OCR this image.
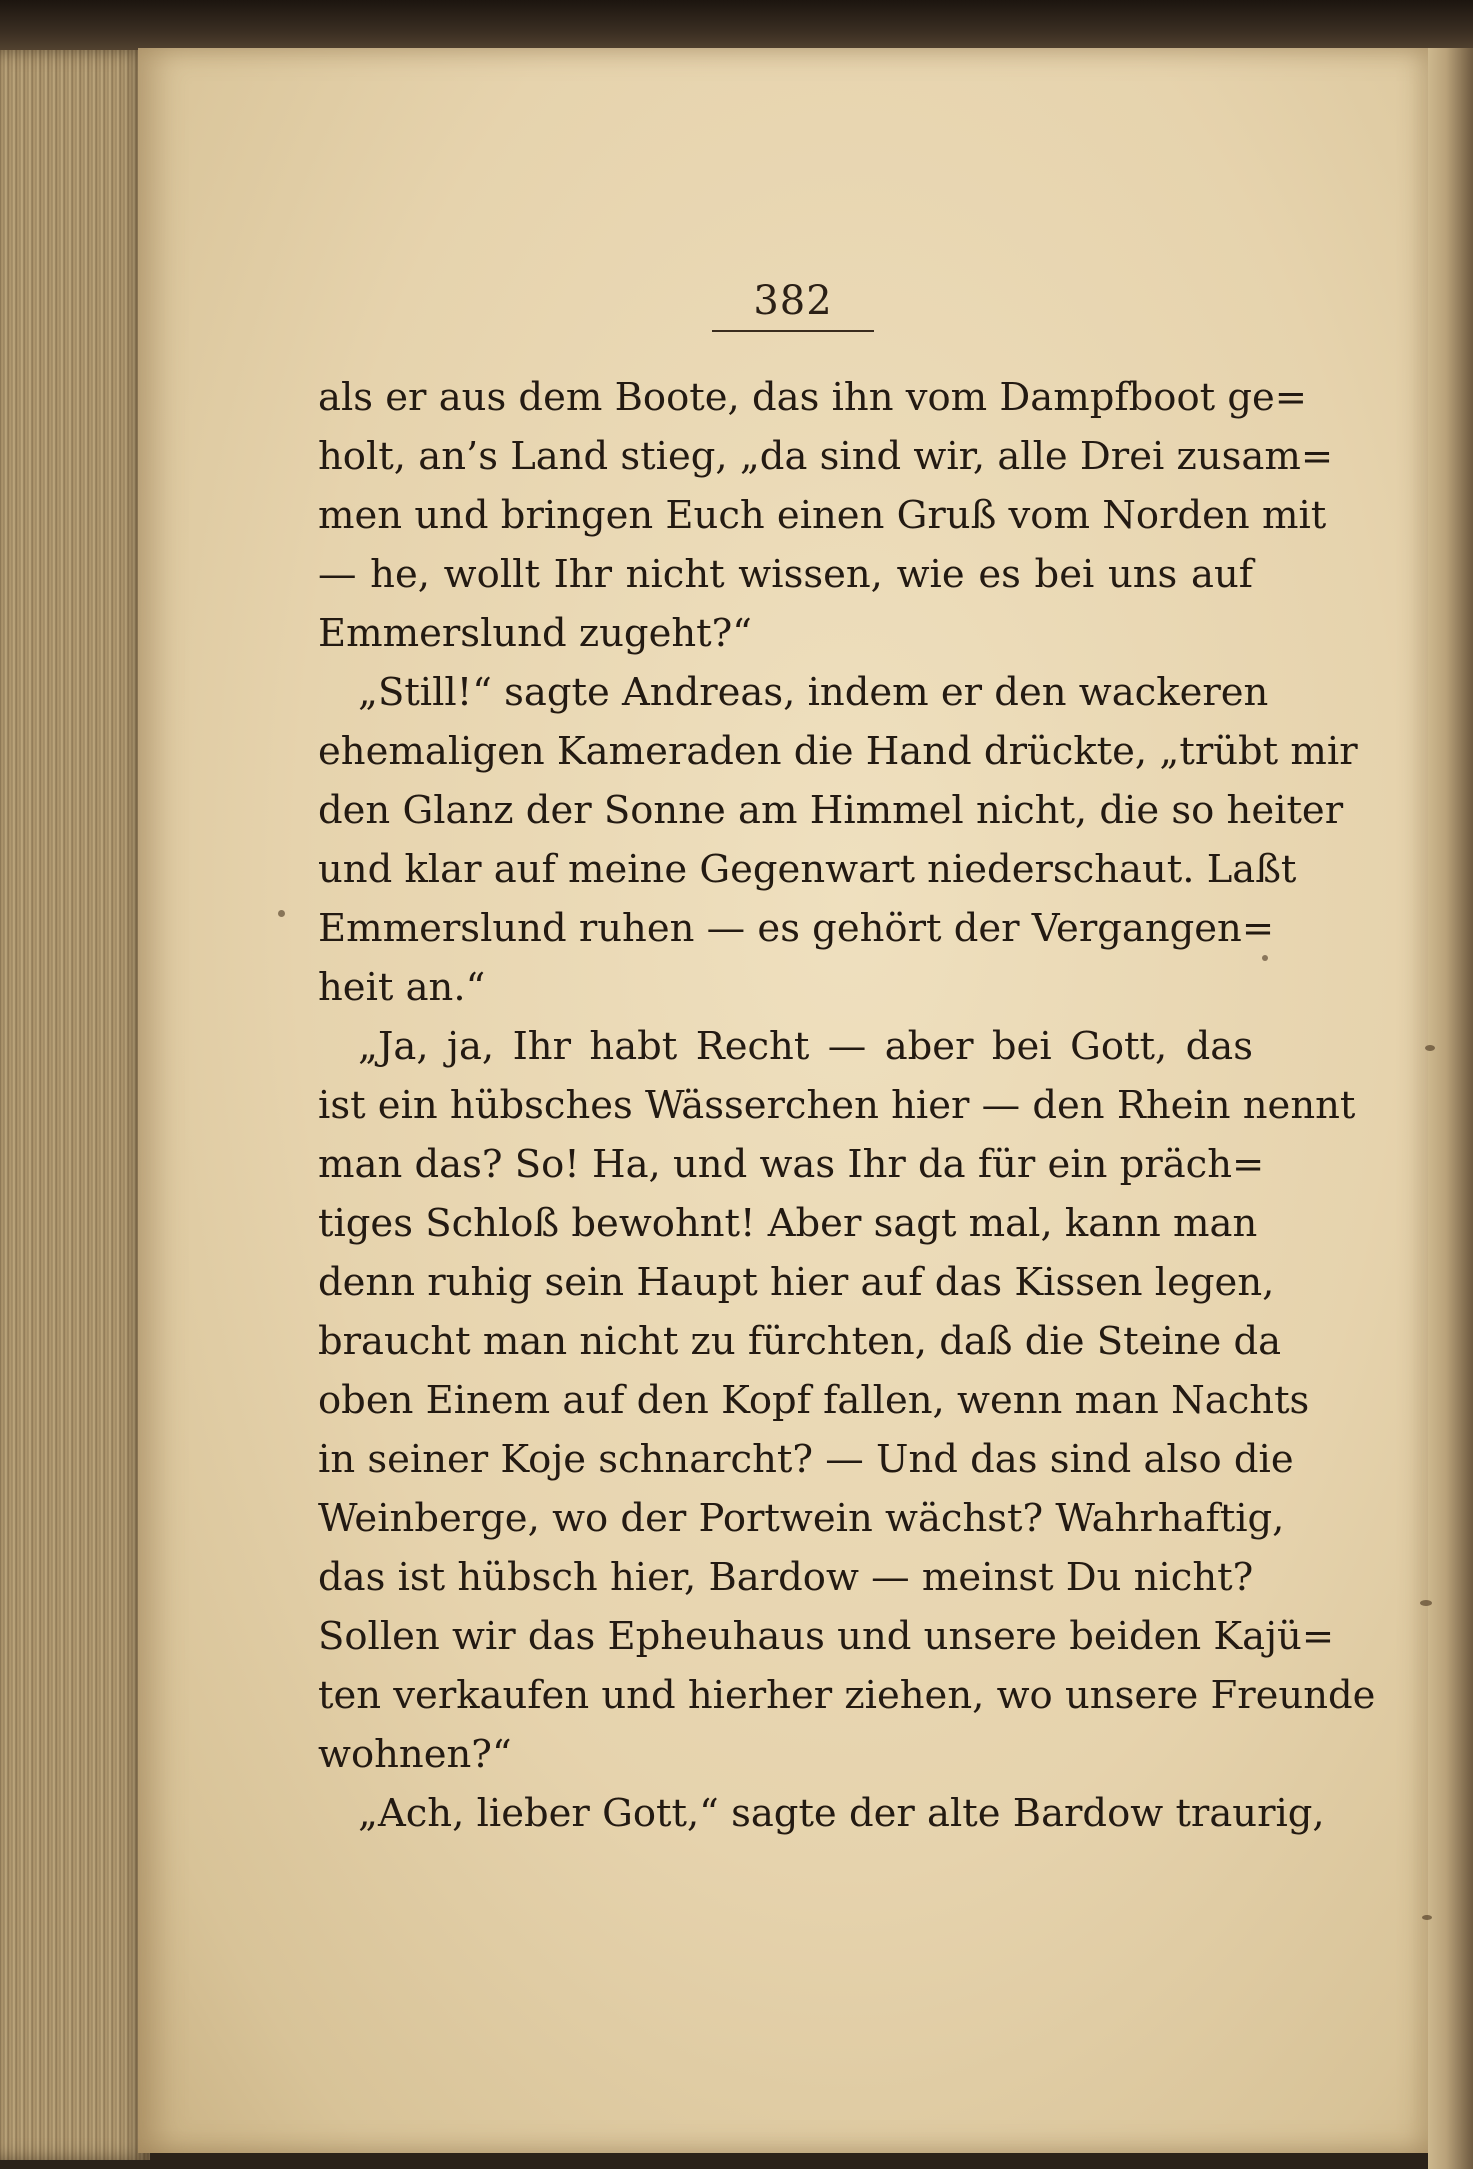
382
als er aus dem Boote, das ihn vom Dampfboot ge=
holt, an’s Land stieg, „da sind wir, alle Drei zusam=
men und bringen Euch einen Gruß vom Norden mit
— he, wollt Ihr nicht wissen, wie es bei uns auf
Emmerslund zugeht?“
„Still!“ sagte Andreas, indem er den wackeren
ehemaligen Kameraden die Hand drückte, „trübt mir
den Glanz der Sonne am Himmel nicht, die so heiter
und klar auf meine Gegenwart niederschaut. Laßt
Emmerslund ruhen — es gehört der Vergangen=
heit an.“
„Ja, ja, Ihr habt Recht — aber bei Gott, das
ist ein hübsches Wässerchen hier — den Rhein nennt
man das? So! Ha, und was Ihr da für ein präch=
tiges Schloß bewohnt! Aber sagt mal, kann man
denn ruhig sein Haupt hier auf das Kissen legen,
braucht man nicht zu fürchten, daß die Steine da
oben Einem auf den Kopf fallen, wenn man Nachts
in seiner Koje schnarcht? — Und das sind also die
Weinberge, wo der Portwein wächst? Wahrhaftig,
das ist hübsch hier, Bardow — meinst Du nicht?
Sollen wir das Epheuhaus und unsere beiden Kajü=
ten verkaufen und hierher ziehen, wo unsere Freunde
wohnen?“
„Ach, lieber Gott,“ sagte der alte Bardow traurig,
